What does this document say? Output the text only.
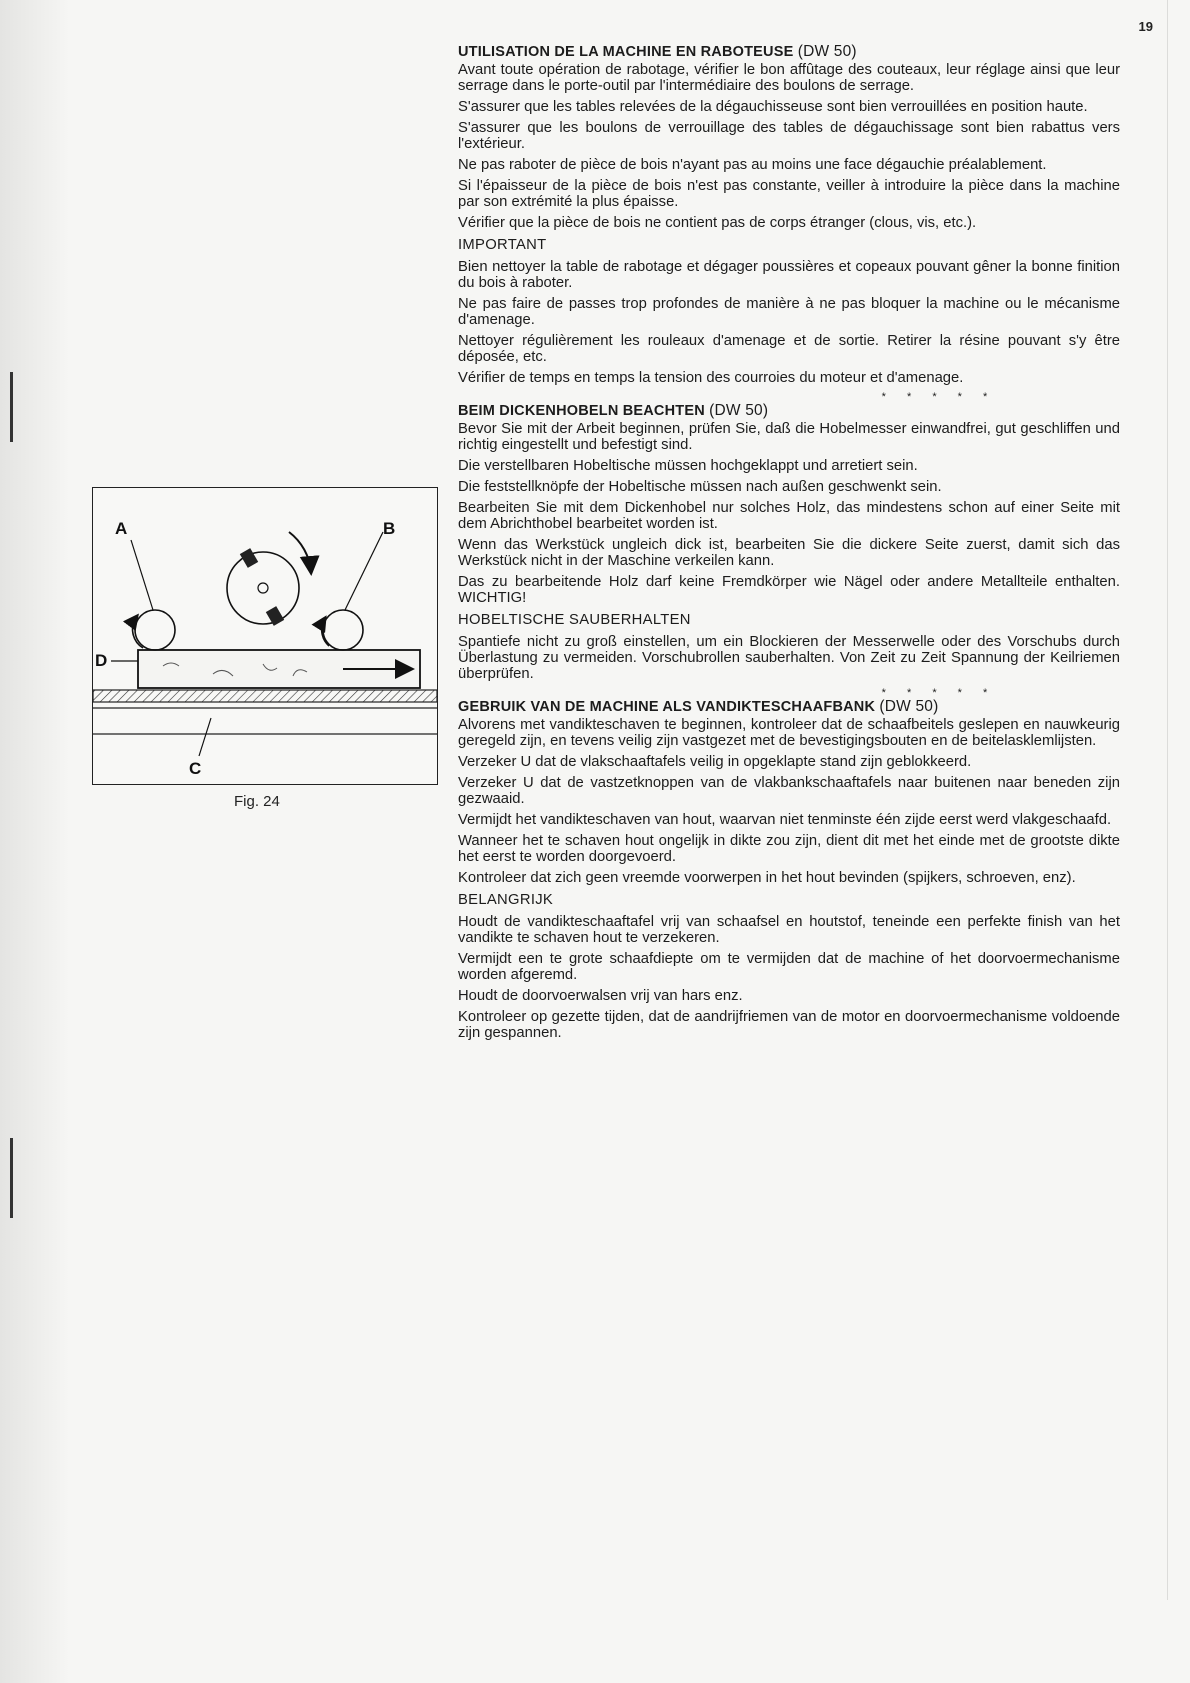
19
A	B
C
D
Fig. 24
UTILISATION DE LA MACHINE EN RABOTEUSE (DW 50)

Avant toute opération de rabotage, vérifier le bon affûtage des couteaux, leur réglage ainsi que leur serrage dans le porte-outil par l'intermédiaire des boulons de serrage.

S'assurer que les tables relevées de la dégauchisseuse sont bien verrouillées en position haute.

S'assurer que les boulons de verrouillage des tables de dégauchissage sont bien rabattus vers l'extérieur.

Ne pas raboter de pièce de bois n'ayant pas au moins une face dégauchie préalablement.

Si l'épaisseur de la pièce de bois n'est pas constante, veiller à introduire la pièce dans la machine par son extrémité la plus épaisse.

Vérifier que la pièce de bois ne contient pas de corps étranger (clous, vis, etc.).

IMPORTANT

Bien nettoyer la table de rabotage et dégager poussières et copeaux pouvant gêner la bonne finition du bois à raboter.

Ne pas faire de passes trop profondes de manière à ne pas bloquer la machine ou le mécanisme d'amenage.

Nettoyer régulièrement les rouleaux d'amenage et de sortie. Retirer la résine pouvant s'y être déposée, etc.

Vérifier de temps en temps la tension des courroies du moteur et d'amenage.

* * * * *
BEIM DICKENHOBELN BEACHTEN (DW 50)

Bevor Sie mit der Arbeit beginnen, prüfen Sie, daß die Hobelmesser einwandfrei, gut geschliffen und richtig eingestellt und befestigt sind.

Die verstellbaren Hobeltische müssen hochgeklappt und arretiert sein.

Die feststellknöpfe der Hobeltische müssen nach außen geschwenkt sein.

Bearbeiten Sie mit dem Dickenhobel nur solches Holz, das mindestens schon auf einer Seite mit dem Abrichthobel bearbeitet worden ist.

Wenn das Werkstück ungleich dick ist, bearbeiten Sie die dickere Seite zuerst, damit sich das Werkstück nicht in der Maschine verkeilen kann.

Das zu bearbeitende Holz darf keine Fremdkörper wie Nägel oder andere Metallteile enthalten. WICHTIG!

HOBELTISCHE SAUBERHALTEN

Spantiefe nicht zu groß einstellen, um ein Blockieren der Messerwelle oder des Vorschubs durch Überlastung zu vermeiden. Vorschubrollen sauberhalten. Von Zeit zu Zeit Spannung der Keilriemen überprüfen.

* * * * *
GEBRUIK VAN DE MACHINE ALS VANDIKTESCHAAFBANK (DW 50)

Alvorens met vandikteschaven te beginnen, kontroleer dat de schaafbeitels geslepen en nauwkeurig geregeld zijn, en tevens veilig zijn vastgezet met de bevestigingsbouten en de beitelasklemlijsten.

Verzeker U dat de vlakschaaftafels veilig in opgeklapte stand zijn geblokkeerd.

Verzeker U dat de vastzetknoppen van de vlakbankschaaftafels naar buitenen naar beneden zijn gezwaaid.

Vermijdt het vandikteschaven van hout, waarvan niet tenminste één zijde eerst werd vlakgeschaafd.

Wanneer het te schaven hout ongelijk in dikte zou zijn, dient dit met het einde met de grootste dikte het eerst te worden doorgevoerd.

Kontroleer dat zich geen vreemde voorwerpen in het hout bevinden (spijkers, schroeven, enz).

BELANGRIJK

Houdt de vandikteschaaftafel vrij van schaafsel en houtstof, teneinde een perfekte finish van het vandikte te schaven hout te verzekeren.

Vermijdt een te grote schaafdiepte om te vermijden dat de machine of het doorvoermechanisme worden afgeremd.

Houdt de doorvoerwalsen vrij van hars enz.

Kontroleer op gezette tijden, dat de aandrijfriemen van de motor en doorvoermechanisme voldoende zijn gespannen.
